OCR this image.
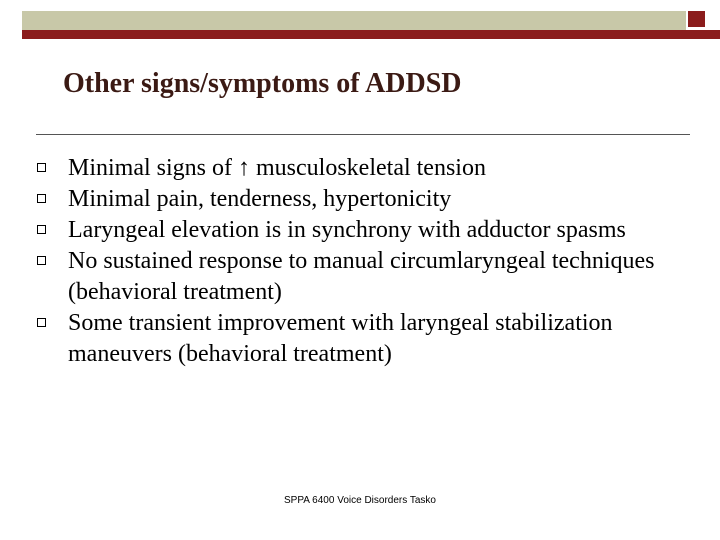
Other signs/symptoms of ADDSD
Minimal signs of ↑ musculoskeletal tension
Minimal pain, tenderness, hypertonicity
Laryngeal elevation is in synchrony with adductor spasms
No sustained response to manual circumlaryngeal techniques (behavioral treatment)
Some transient improvement with laryngeal stabilization maneuvers (behavioral treatment)
SPPA 6400 Voice Disorders Tasko
